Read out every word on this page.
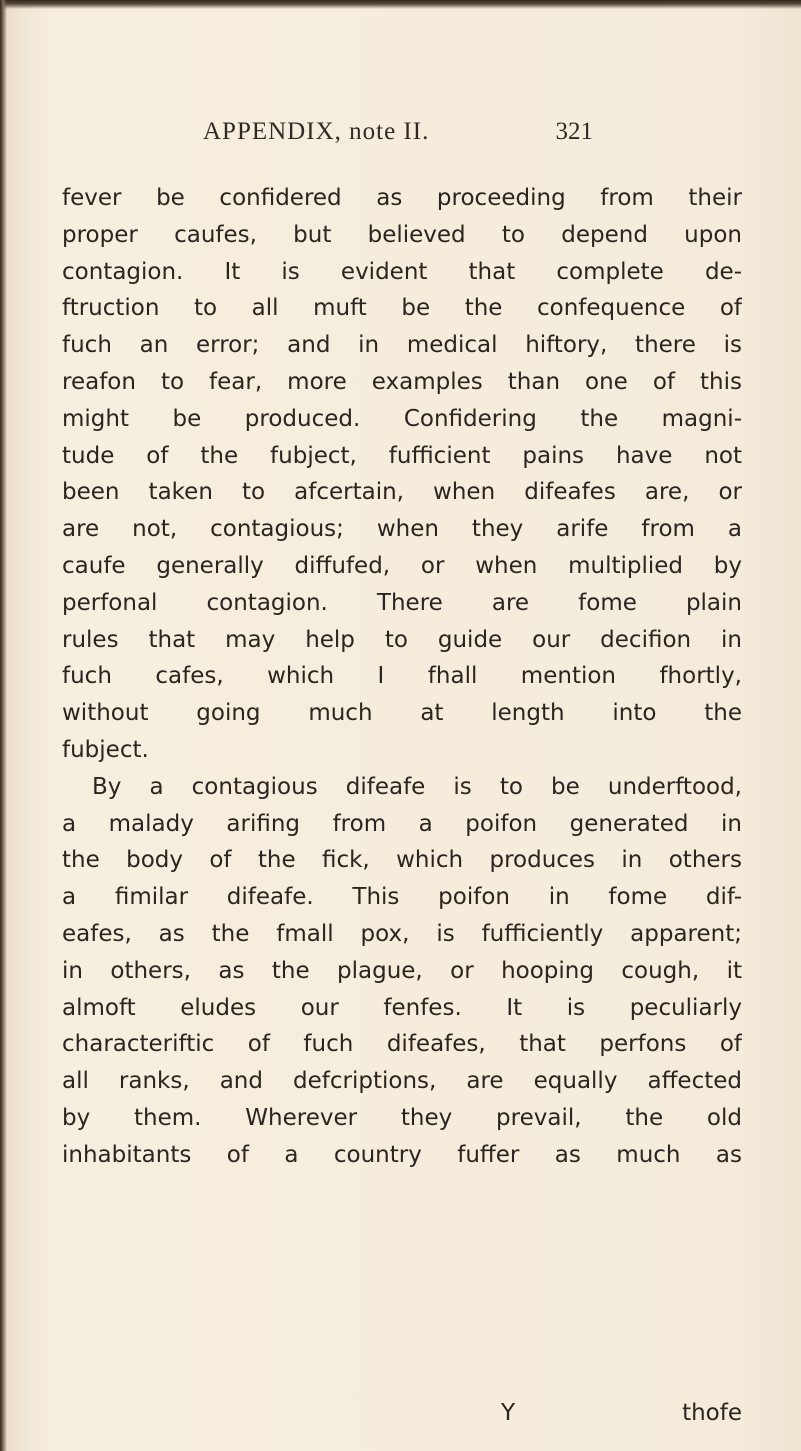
APPENDIX, note II.	321
fever be confidered as proceeding from their
proper caufes, but believed to depend upon
contagion. It is evident that complete de-
ftruction to all muft be the confequence of
fuch an error; and in medical hiftory, there is
reafon to fear, more examples than one of this
might be produced. Confidering the magni-
tude of the fubject, fufficient pains have not
been taken to afcertain, when difeafes are, or
are not, contagious; when they arife from a
caufe generally diffufed, or when multiplied by
perfonal contagion. There are fome plain
rules that may help to guide our decifion in
fuch cafes, which I fhall mention fhortly,
without going much at length into the
fubject.
By a contagious difeafe is to be underftood,
a malady arifing from a poifon generated in
the body of the fick, which produces in others
a fimilar difeafe. This poifon in fome dif-
eafes, as the fmall pox, is fufficiently apparent;
in others, as the plague, or hooping cough, it
almoft eludes our fenfes. It is peculiarly
characteriftic of fuch difeafes, that perfons of
all ranks, and defcriptions, are equally affected
by them. Wherever they prevail, the old
inhabitants of a country fuffer as much as
Y	thofe
